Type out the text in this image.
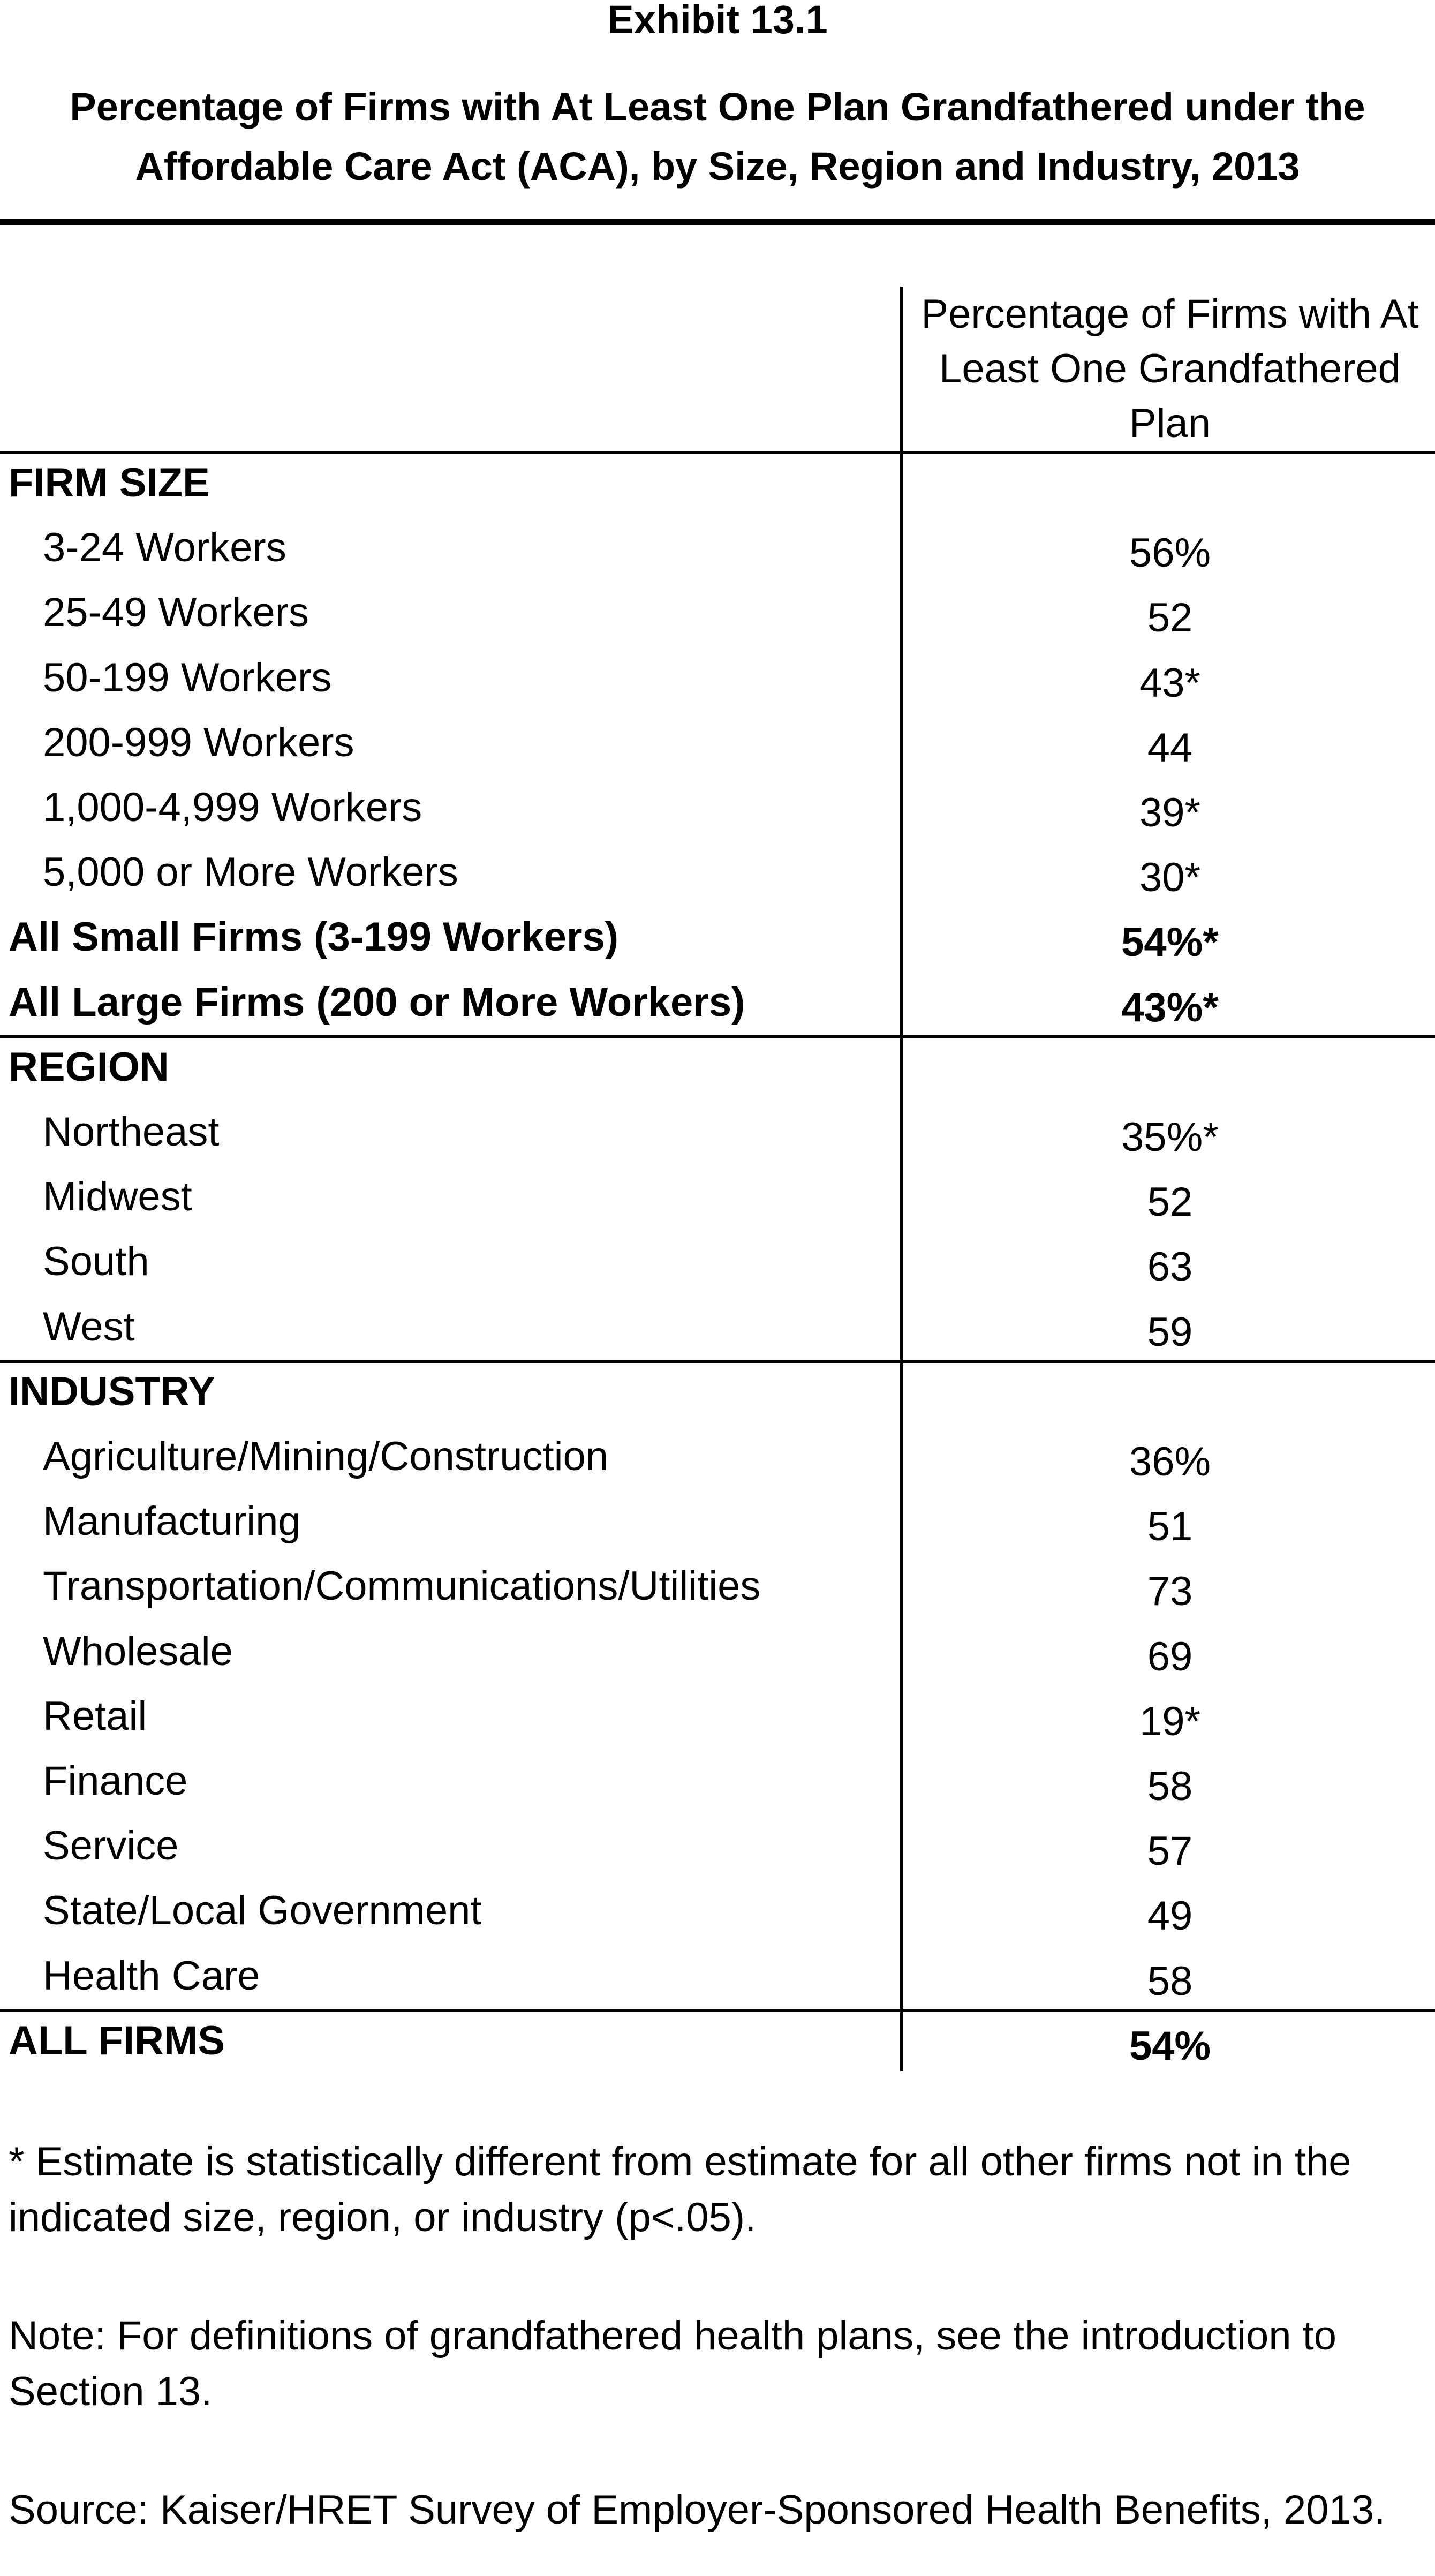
Exhibit 13.1
Percentage of Firms with At Least One Plan Grandfathered under the Affordable Care Act (ACA), by Size, Region and Industry, 2013
Percentage of Firms with At Least One Grandfathered Plan
FIRM SIZE
3-24 Workers	56%
25-49 Workers	52
50-199 Workers	43*
200-999 Workers	44
1,000-4,999 Workers	39*
5,000 or More Workers	30*
All Small Firms (3-199 Workers)	54%*
All Large Firms (200 or More Workers)	43%*
REGION
Northeast	35%*
Midwest	52
South	63
West	59
INDUSTRY
Agriculture/Mining/Construction	36%
Manufacturing	51
Transportation/Communications/Utilities	73
Wholesale	69
Retail	19*
Finance	58
Service	57
State/Local Government	49
Health Care	58
ALL FIRMS	54%
* Estimate is statistically different from estimate for all other firms not in the indicated size, region, or industry (p<.05).
Note: For definitions of grandfathered health plans, see the introduction to Section 13.
Source: Kaiser/HRET Survey of Employer-Sponsored Health Benefits, 2013.
